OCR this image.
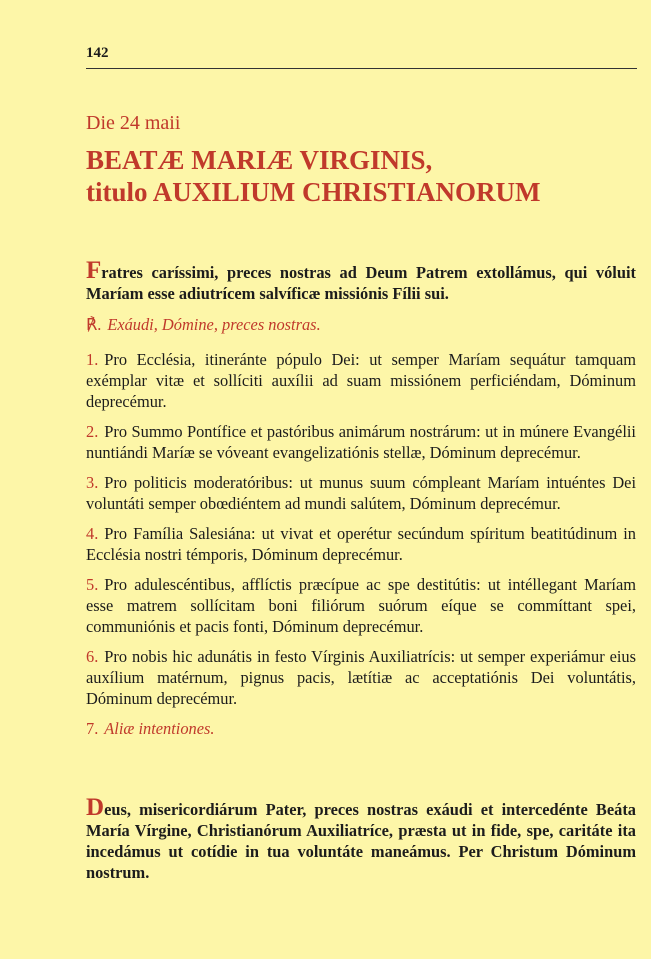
142
Die 24 maii
BEATÆ MARIÆ VIRGINIS,
titulo AUXILIUM CHRISTIANORUM

Fratres caríssimi, preces nostras ad Deum Patrem extollámus, qui vóluit Maríam esse adiutrícem salvíficæ missiónis Fílii sui.

℟. Exáudi, Dómine, preces nostras.

1. Pro Ecclésia, itineránte pópulo Dei: ut semper Maríam sequátur tamquam exémplar vitæ et sollíciti auxílii ad suam missiónem perficiéndam, Dóminum deprecémur.

2. Pro Summo Pontífice et pastóribus animárum nostrárum: ut in múnere Evangélii nuntiándi Maríæ se vóveant evangelizatiónis stellæ, Dóminum deprecémur.

3. Pro politicis moderatóribus: ut munus suum cómpleant Maríam intuéntes Dei voluntáti semper obœdiéntem ad mundi salútem, Dóminum deprecémur.

4. Pro Família Salesiána: ut vivat et operétur secúndum spíritum beatitúdinum in Ecclésia nostri témporis, Dóminum deprecémur.

5. Pro adulescéntibus, afflíctis præcípue ac spe destitútis: ut intéllegant Maríam esse matrem sollícitam boni filiórum suórum eíque se commíttant spei, communiónis et pacis fonti, Dóminum deprecémur.

6. Pro nobis hic adunátis in festo Vírginis Auxiliatrícis: ut semper experiámur eius auxílium matérnum, pignus pacis, lætítiæ ac acceptatiónis Dei voluntátis, Dóminum deprecémur.

7. Aliæ intentiones.

Deus, misericordiárum Pater, preces nostras exáudi et intercedénte Beáta María Vírgine, Christianórum Auxiliatríce, præsta ut in fide, spe, caritáte ita incedámus ut cotídie in tua voluntáte maneámus. Per Christum Dóminum nostrum.
